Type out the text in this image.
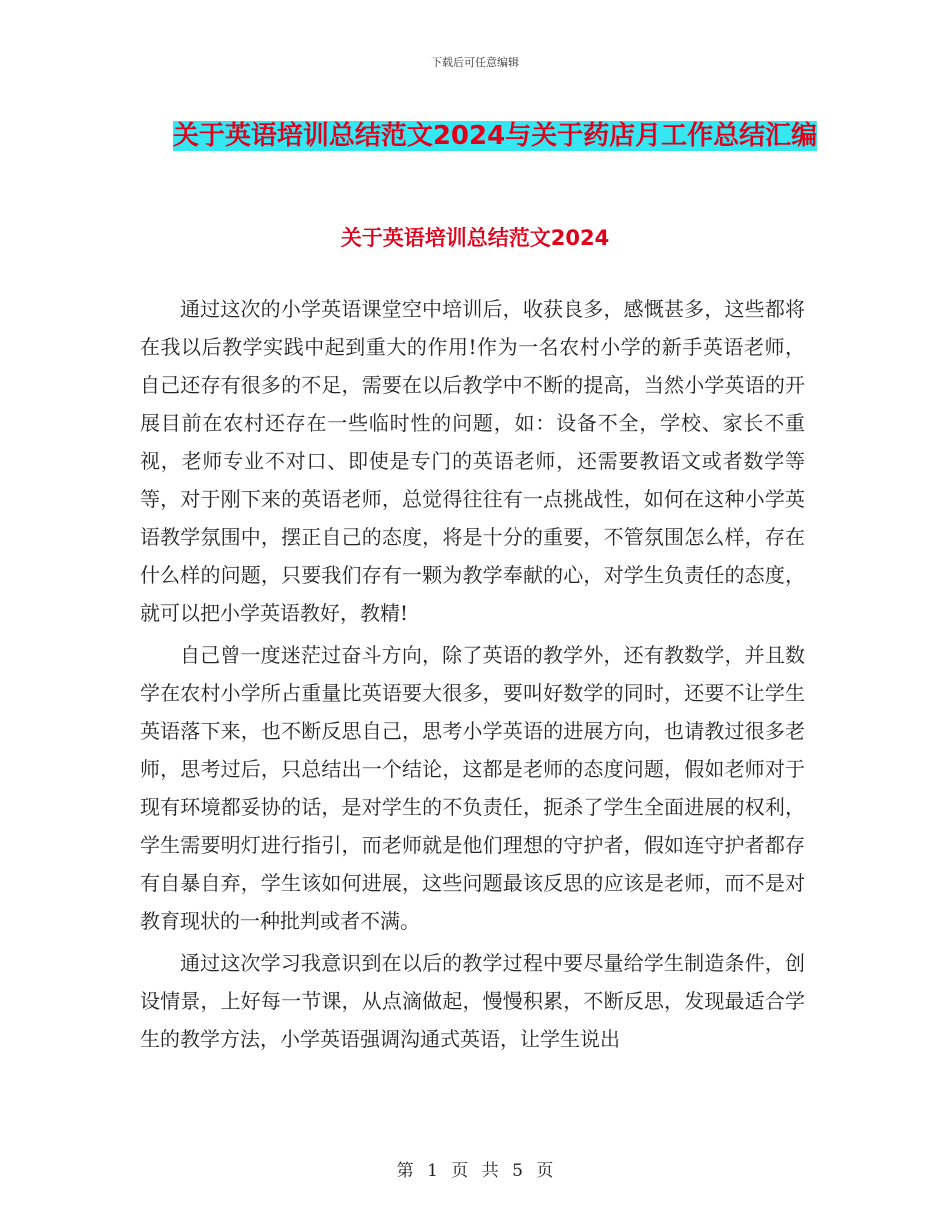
下载后可任意编辑
关于英语培训总结范文2024与关于药店月工作总结汇编
关于英语培训总结范文2024

通过这次的小学英语课堂空中培训后，收获良多，感慨甚多，这些都将在我以后教学实践中起到重大的作用!作为一名农村小学的新手英语老师，自己还存有很多的不足，需要在以后教学中不断的提高，当然小学英语的开展目前在农村还存在一些临时性的问题，如：设备不全，学校、家长不重视，老师专业不对口、即使是专门的英语老师，还需要教语文或者数学等等，对于刚下来的英语老师，总觉得往往有一点挑战性，如何在这种小学英语教学氛围中，摆正自己的态度，将是十分的重要，不管氛围怎么样，存在什么样的问题，只要我们存有一颗为教学奉献的心，对学生负责任的态度，就可以把小学英语教好，教精!

自己曾一度迷茫过奋斗方向，除了英语的教学外，还有教数学，并且数学在农村小学所占重量比英语要大很多，要叫好数学的同时，还要不让学生英语落下来，也不断反思自己，思考小学英语的进展方向，也请教过很多老师，思考过后，只总结出一个结论，这都是老师的态度问题，假如老师对于现有环境都妥协的话，是对学生的不负责任，扼杀了学生全面进展的权利，学生需要明灯进行指引，而老师就是他们理想的守护者，假如连守护者都存有自暴自弃，学生该如何进展，这些问题最该反思的应该是老师，而不是对教育现状的一种批判或者不满。

通过这次学习我意识到在以后的教学过程中要尽量给学生制造条件，创设情景，上好每一节课，从点滴做起，慢慢积累，不断反思，发现最适合学生的教学方法，小学英语强调沟通式英语，让学生说出

第 1 页 共 5 页
